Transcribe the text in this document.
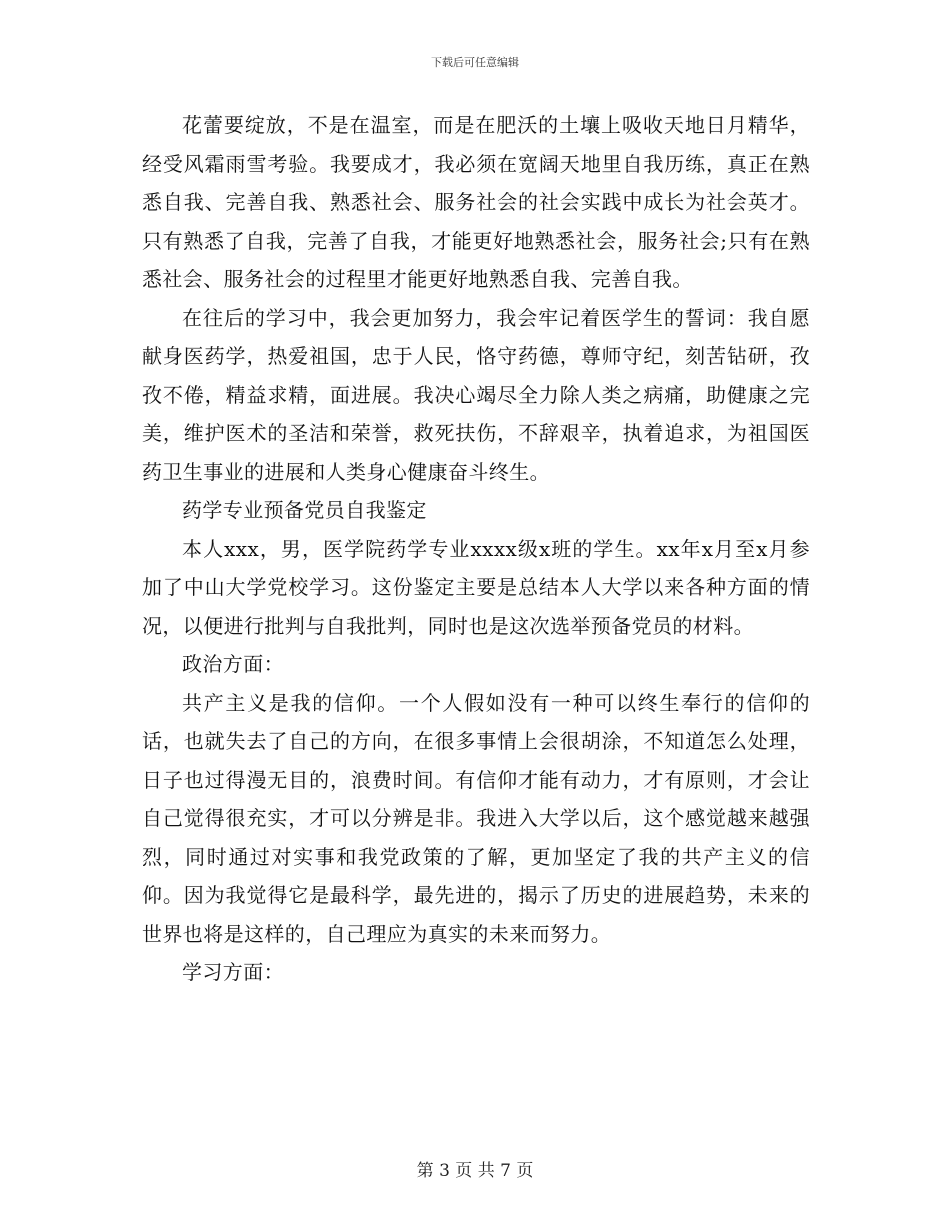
下载后可任意编辑

花蕾要绽放，不是在温室，而是在肥沃的土壤上吸收天地日月精华，经受风霜雨雪考验。我要成才，我必须在宽阔天地里自我历练，真正在熟悉自我、完善自我、熟悉社会、服务社会的社会实践中成长为社会英才。只有熟悉了自我，完善了自我，才能更好地熟悉社会，服务社会;只有在熟悉社会、服务社会的过程里才能更好地熟悉自我、完善自我。

在往后的学习中，我会更加努力，我会牢记着医学生的誓词：我自愿献身医药学，热爱祖国，忠于人民，恪守药德，尊师守纪，刻苦钻研，孜孜不倦，精益求精，面进展。我决心竭尽全力除人类之病痛，助健康之完美，维护医术的圣洁和荣誉，救死扶伤，不辞艰辛，执着追求，为祖国医药卫生事业的进展和人类身心健康奋斗终生。

药学专业预备党员自我鉴定

本人xxx，男，医学院药学专业xxxx级x班的学生。xx年x月至x月参加了中山大学党校学习。这份鉴定主要是总结本人大学以来各种方面的情况，以便进行批判与自我批判，同时也是这次选举预备党员的材料。

政治方面：

共产主义是我的信仰。一个人假如没有一种可以终生奉行的信仰的话，也就失去了自己的方向，在很多事情上会很胡涂，不知道怎么处理，日子也过得漫无目的，浪费时间。有信仰才能有动力，才有原则，才会让自己觉得很充实，才可以分辨是非。我进入大学以后，这个感觉越来越强烈，同时通过对实事和我党政策的了解，更加坚定了我的共产主义的信仰。因为我觉得它是最科学，最先进的，揭示了历史的进展趋势，未来的世界也将是这样的，自己理应为真实的未来而努力。

学习方面：

第 3 页 共 7 页
